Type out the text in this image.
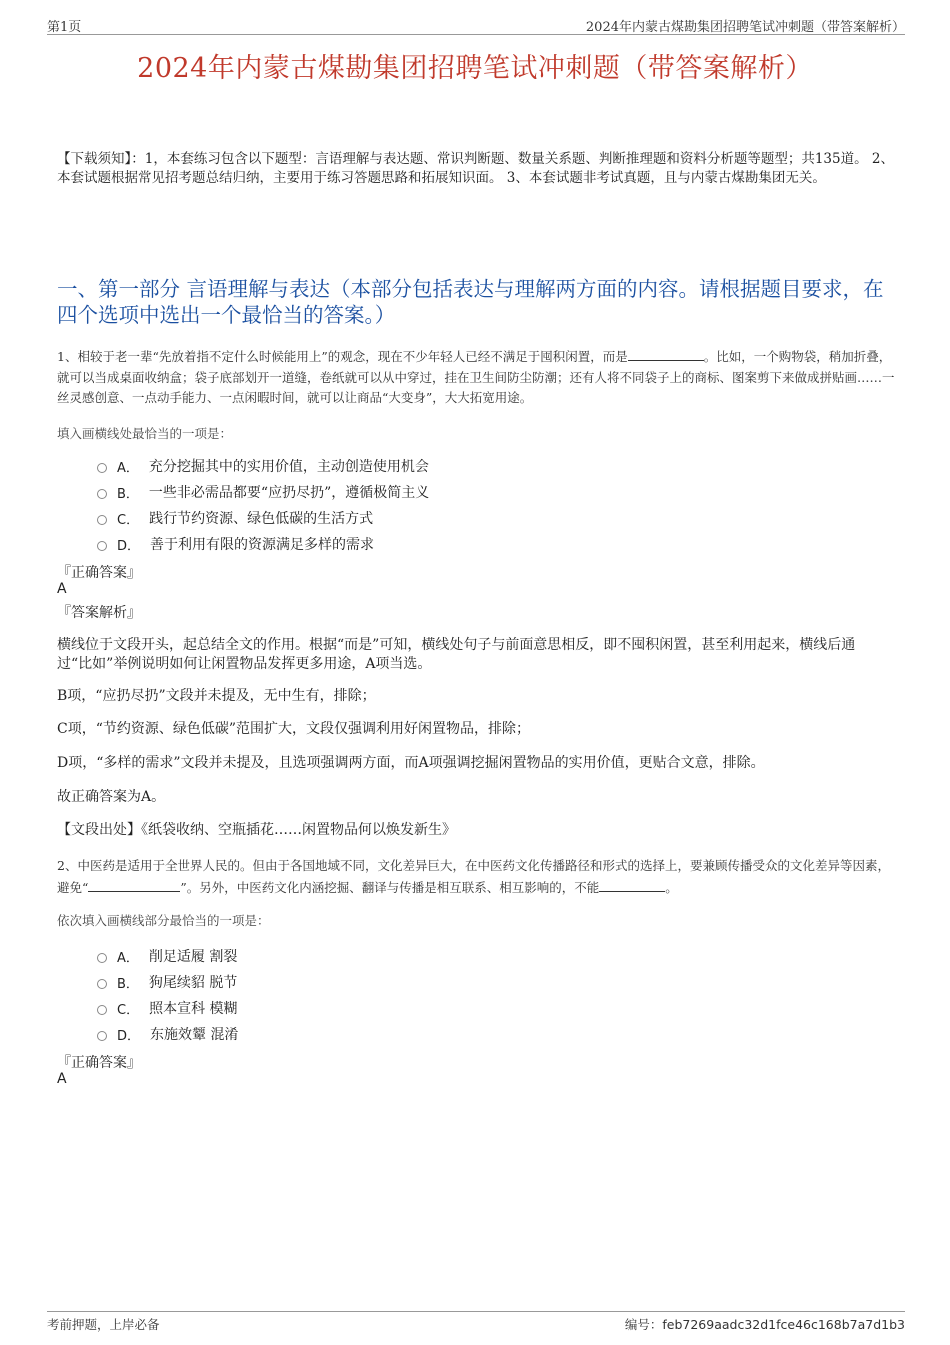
第1页	2024年内蒙古煤勘集团招聘笔试冲刺题（带答案解析）
2024年内蒙古煤勘集团招聘笔试冲刺题（带答案解析）
【下载须知】：1，本套练习包含以下题型：言语理解与表达题、常识判断题、数量关系题、判断推理题和资料分析题等题型；共135道。 2、本套试题根据常见招考题总结归纳，主要用于练习答题思路和拓展知识面。 3、本套试题非考试真题，且与内蒙古煤勘集团无关。
一、第一部分 言语理解与表达（本部分包括表达与理解两方面的内容。请根据题目要求，在四个选项中选出一个最恰当的答案。）
1、相较于老一辈“先放着指不定什么时候能用上”的观念，现在不少年轻人已经不满足于囤积闲置，而是	。比如，一个购物袋，稍加折叠，就可以当成桌面收纳盒；袋子底部划开一道缝，卷纸就可以从中穿过，挂在卫生间防尘防潮；还有人将不同袋子上的商标、图案剪下来做成拼贴画……一丝灵感创意、一点动手能力、一点闲暇时间，就可以让商品“大变身”，大大拓宽用途。
填入画横线处最恰当的一项是：
A． 充分挖掘其中的实用价值，主动创造使用机会
B． 一些非必需品都要“应扔尽扔”，遵循极简主义
C． 践行节约资源、绿色低碳的生活方式
D． 善于利用有限的资源满足多样的需求
『正确答案』
A
『答案解析』
横线位于文段开头，起总结全文的作用。根据“而是”可知，横线处句子与前面意思相反，即不囤积闲置，甚至利用起来，横线后通过“比如”举例说明如何让闲置物品发挥更多用途，A项当选。
B项，“应扔尽扔”文段并未提及，无中生有，排除；
C项，“节约资源、绿色低碳”范围扩大，文段仅强调利用好闲置物品，排除；
D项，“多样的需求”文段并未提及，且选项强调两方面，而A项强调挖掘闲置物品的实用价值，更贴合文意，排除。
故正确答案为A。
【文段出处】《纸袋收纳、空瓶插花……闲置物品何以焕发新生》
2、中医药是适用于全世界人民的。但由于各国地域不同，文化差异巨大，在中医药文化传播路径和形式的选择上，要兼顾传播受众的文化差异等因素，避免“	”。另外，中医药文化内涵挖掘、翻译与传播是相互联系、相互影响的，不能	。
依次填入画横线部分最恰当的一项是：
A． 削足适履 割裂
B． 狗尾续貂 脱节
C． 照本宣科 模糊
D． 东施效颦 混淆
『正确答案』
A
考前押题，上岸必备	编号：feb7269aadc32d1fce46c168b7a7d1b3
